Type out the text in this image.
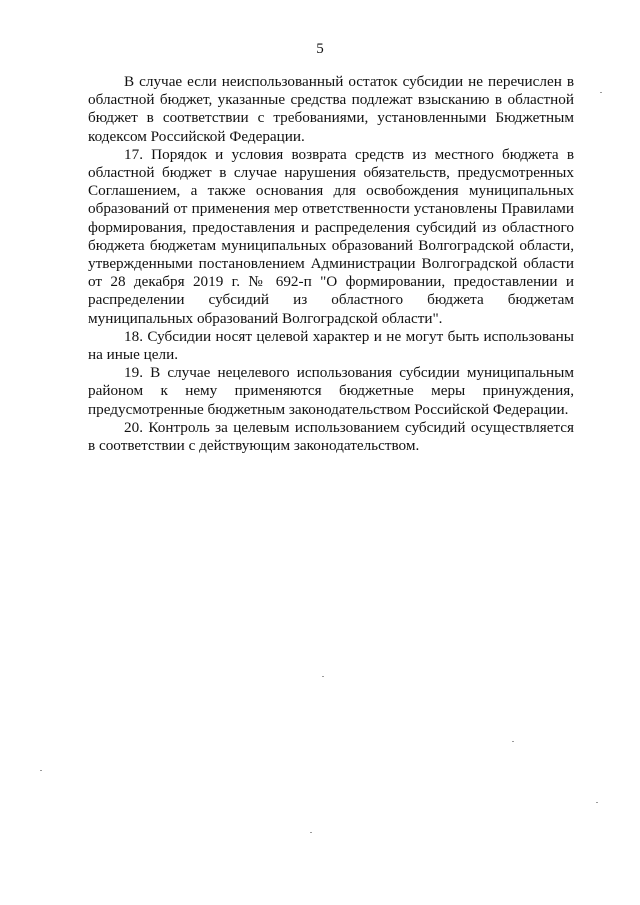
5

В случае если неиспользованный остаток субсидии не перечислен в областной бюджет, указанные средства подлежат взысканию в областной бюджет в соответствии с требованиями, установленными Бюджетным кодексом Российской Федерации.

17. Порядок и условия возврата средств из местного бюджета в областной бюджет в случае нарушения обязательств, предусмотренных Соглашением, а также основания для освобождения муниципальных образований от применения мер ответственности установлены Правилами формирования, предоставления и распределения субсидий из областного бюджета бюджетам муниципальных образований Волгоградской области, утвержденными постановлением Администрации Волгоградской области от 28 декабря 2019 г. № 692-п "О формировании, предоставлении и распределении субсидий из областного бюджета бюджетам муниципальных образований Волгоградской области".

18. Субсидии носят целевой характер и не могут быть использованы на иные цели.

19. В случае нецелевого использования субсидии муниципальным районом к нему применяются бюджетные меры принуждения, предусмотренные бюджетным законодательством Российской Федерации.

20. Контроль за целевым использованием субсидий осуществляется в соответствии с действующим законодательством.
